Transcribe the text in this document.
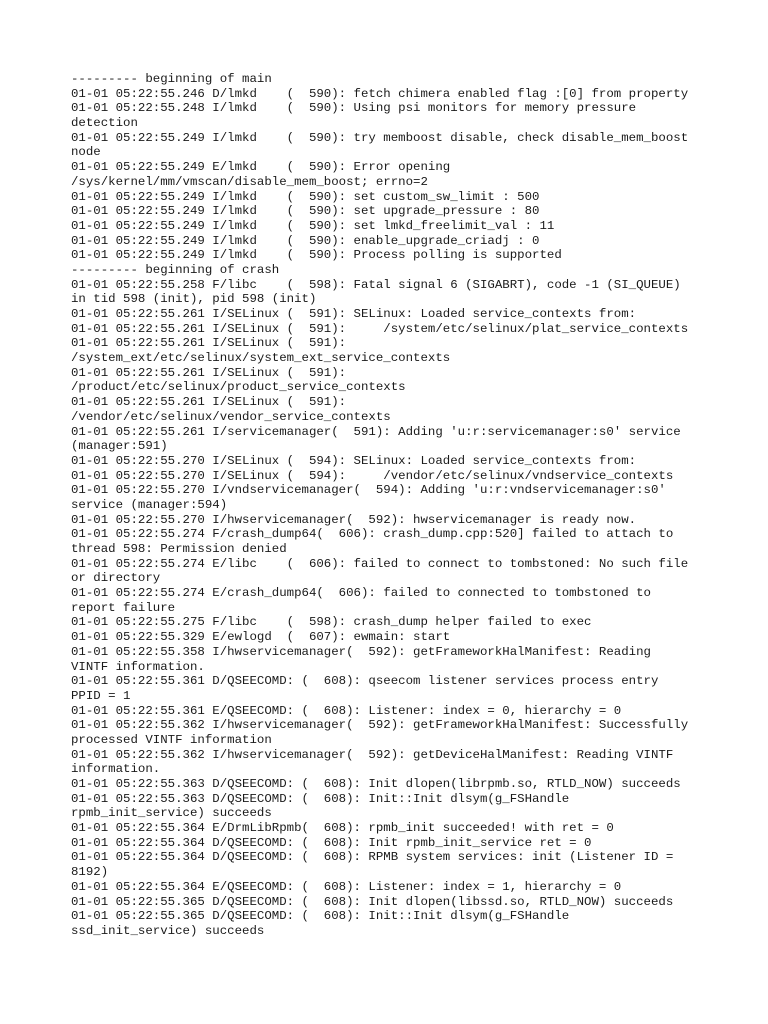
--------- beginning of main
01-01 05:22:55.246 D/lmkd    (  590): fetch chimera enabled flag :[0] from property
01-01 05:22:55.248 I/lmkd    (  590): Using psi monitors for memory pressure
detection
01-01 05:22:55.249 I/lmkd    (  590): try memboost disable, check disable_mem_boost
node
01-01 05:22:55.249 E/lmkd    (  590): Error opening
/sys/kernel/mm/vmscan/disable_mem_boost; errno=2
01-01 05:22:55.249 I/lmkd    (  590): set custom_sw_limit : 500
01-01 05:22:55.249 I/lmkd    (  590): set upgrade_pressure : 80
01-01 05:22:55.249 I/lmkd    (  590): set lmkd_freelimit_val : 11
01-01 05:22:55.249 I/lmkd    (  590): enable_upgrade_criadj : 0
01-01 05:22:55.249 I/lmkd    (  590): Process polling is supported
--------- beginning of crash
01-01 05:22:55.258 F/libc    (  598): Fatal signal 6 (SIGABRT), code -1 (SI_QUEUE)
in tid 598 (init), pid 598 (init)
01-01 05:22:55.261 I/SELinux (  591): SELinux: Loaded service_contexts from:
01-01 05:22:55.261 I/SELinux (  591):     /system/etc/selinux/plat_service_contexts
01-01 05:22:55.261 I/SELinux (  591):
/system_ext/etc/selinux/system_ext_service_contexts
01-01 05:22:55.261 I/SELinux (  591):
/product/etc/selinux/product_service_contexts
01-01 05:22:55.261 I/SELinux (  591):
/vendor/etc/selinux/vendor_service_contexts
01-01 05:22:55.261 I/servicemanager(  591): Adding 'u:r:servicemanager:s0' service
(manager:591)
01-01 05:22:55.270 I/SELinux (  594): SELinux: Loaded service_contexts from:
01-01 05:22:55.270 I/SELinux (  594):     /vendor/etc/selinux/vndservice_contexts
01-01 05:22:55.270 I/vndservicemanager(  594): Adding 'u:r:vndservicemanager:s0'
service (manager:594)
01-01 05:22:55.270 I/hwservicemanager(  592): hwservicemanager is ready now.
01-01 05:22:55.274 F/crash_dump64(  606): crash_dump.cpp:520] failed to attach to
thread 598: Permission denied
01-01 05:22:55.274 E/libc    (  606): failed to connect to tombstoned: No such file
or directory
01-01 05:22:55.274 E/crash_dump64(  606): failed to connected to tombstoned to
report failure
01-01 05:22:55.275 F/libc    (  598): crash_dump helper failed to exec
01-01 05:22:55.329 E/ewlogd  (  607): ewmain: start
01-01 05:22:55.358 I/hwservicemanager(  592): getFrameworkHalManifest: Reading
VINTF information.
01-01 05:22:55.361 D/QSEECOMD: (  608): qseecom listener services process entry
PPID = 1
01-01 05:22:55.361 E/QSEECOMD: (  608): Listener: index = 0, hierarchy = 0
01-01 05:22:55.362 I/hwservicemanager(  592): getFrameworkHalManifest: Successfully
processed VINTF information
01-01 05:22:55.362 I/hwservicemanager(  592): getDeviceHalManifest: Reading VINTF
information.
01-01 05:22:55.363 D/QSEECOMD: (  608): Init dlopen(librpmb.so, RTLD_NOW) succeeds
01-01 05:22:55.363 D/QSEECOMD: (  608): Init::Init dlsym(g_FSHandle
rpmb_init_service) succeeds
01-01 05:22:55.364 E/DrmLibRpmb(  608): rpmb_init succeeded! with ret = 0
01-01 05:22:55.364 D/QSEECOMD: (  608): Init rpmb_init_service ret = 0
01-01 05:22:55.364 D/QSEECOMD: (  608): RPMB system services: init (Listener ID =
8192)
01-01 05:22:55.364 E/QSEECOMD: (  608): Listener: index = 1, hierarchy = 0
01-01 05:22:55.365 D/QSEECOMD: (  608): Init dlopen(libssd.so, RTLD_NOW) succeeds
01-01 05:22:55.365 D/QSEECOMD: (  608): Init::Init dlsym(g_FSHandle
ssd_init_service) succeeds
